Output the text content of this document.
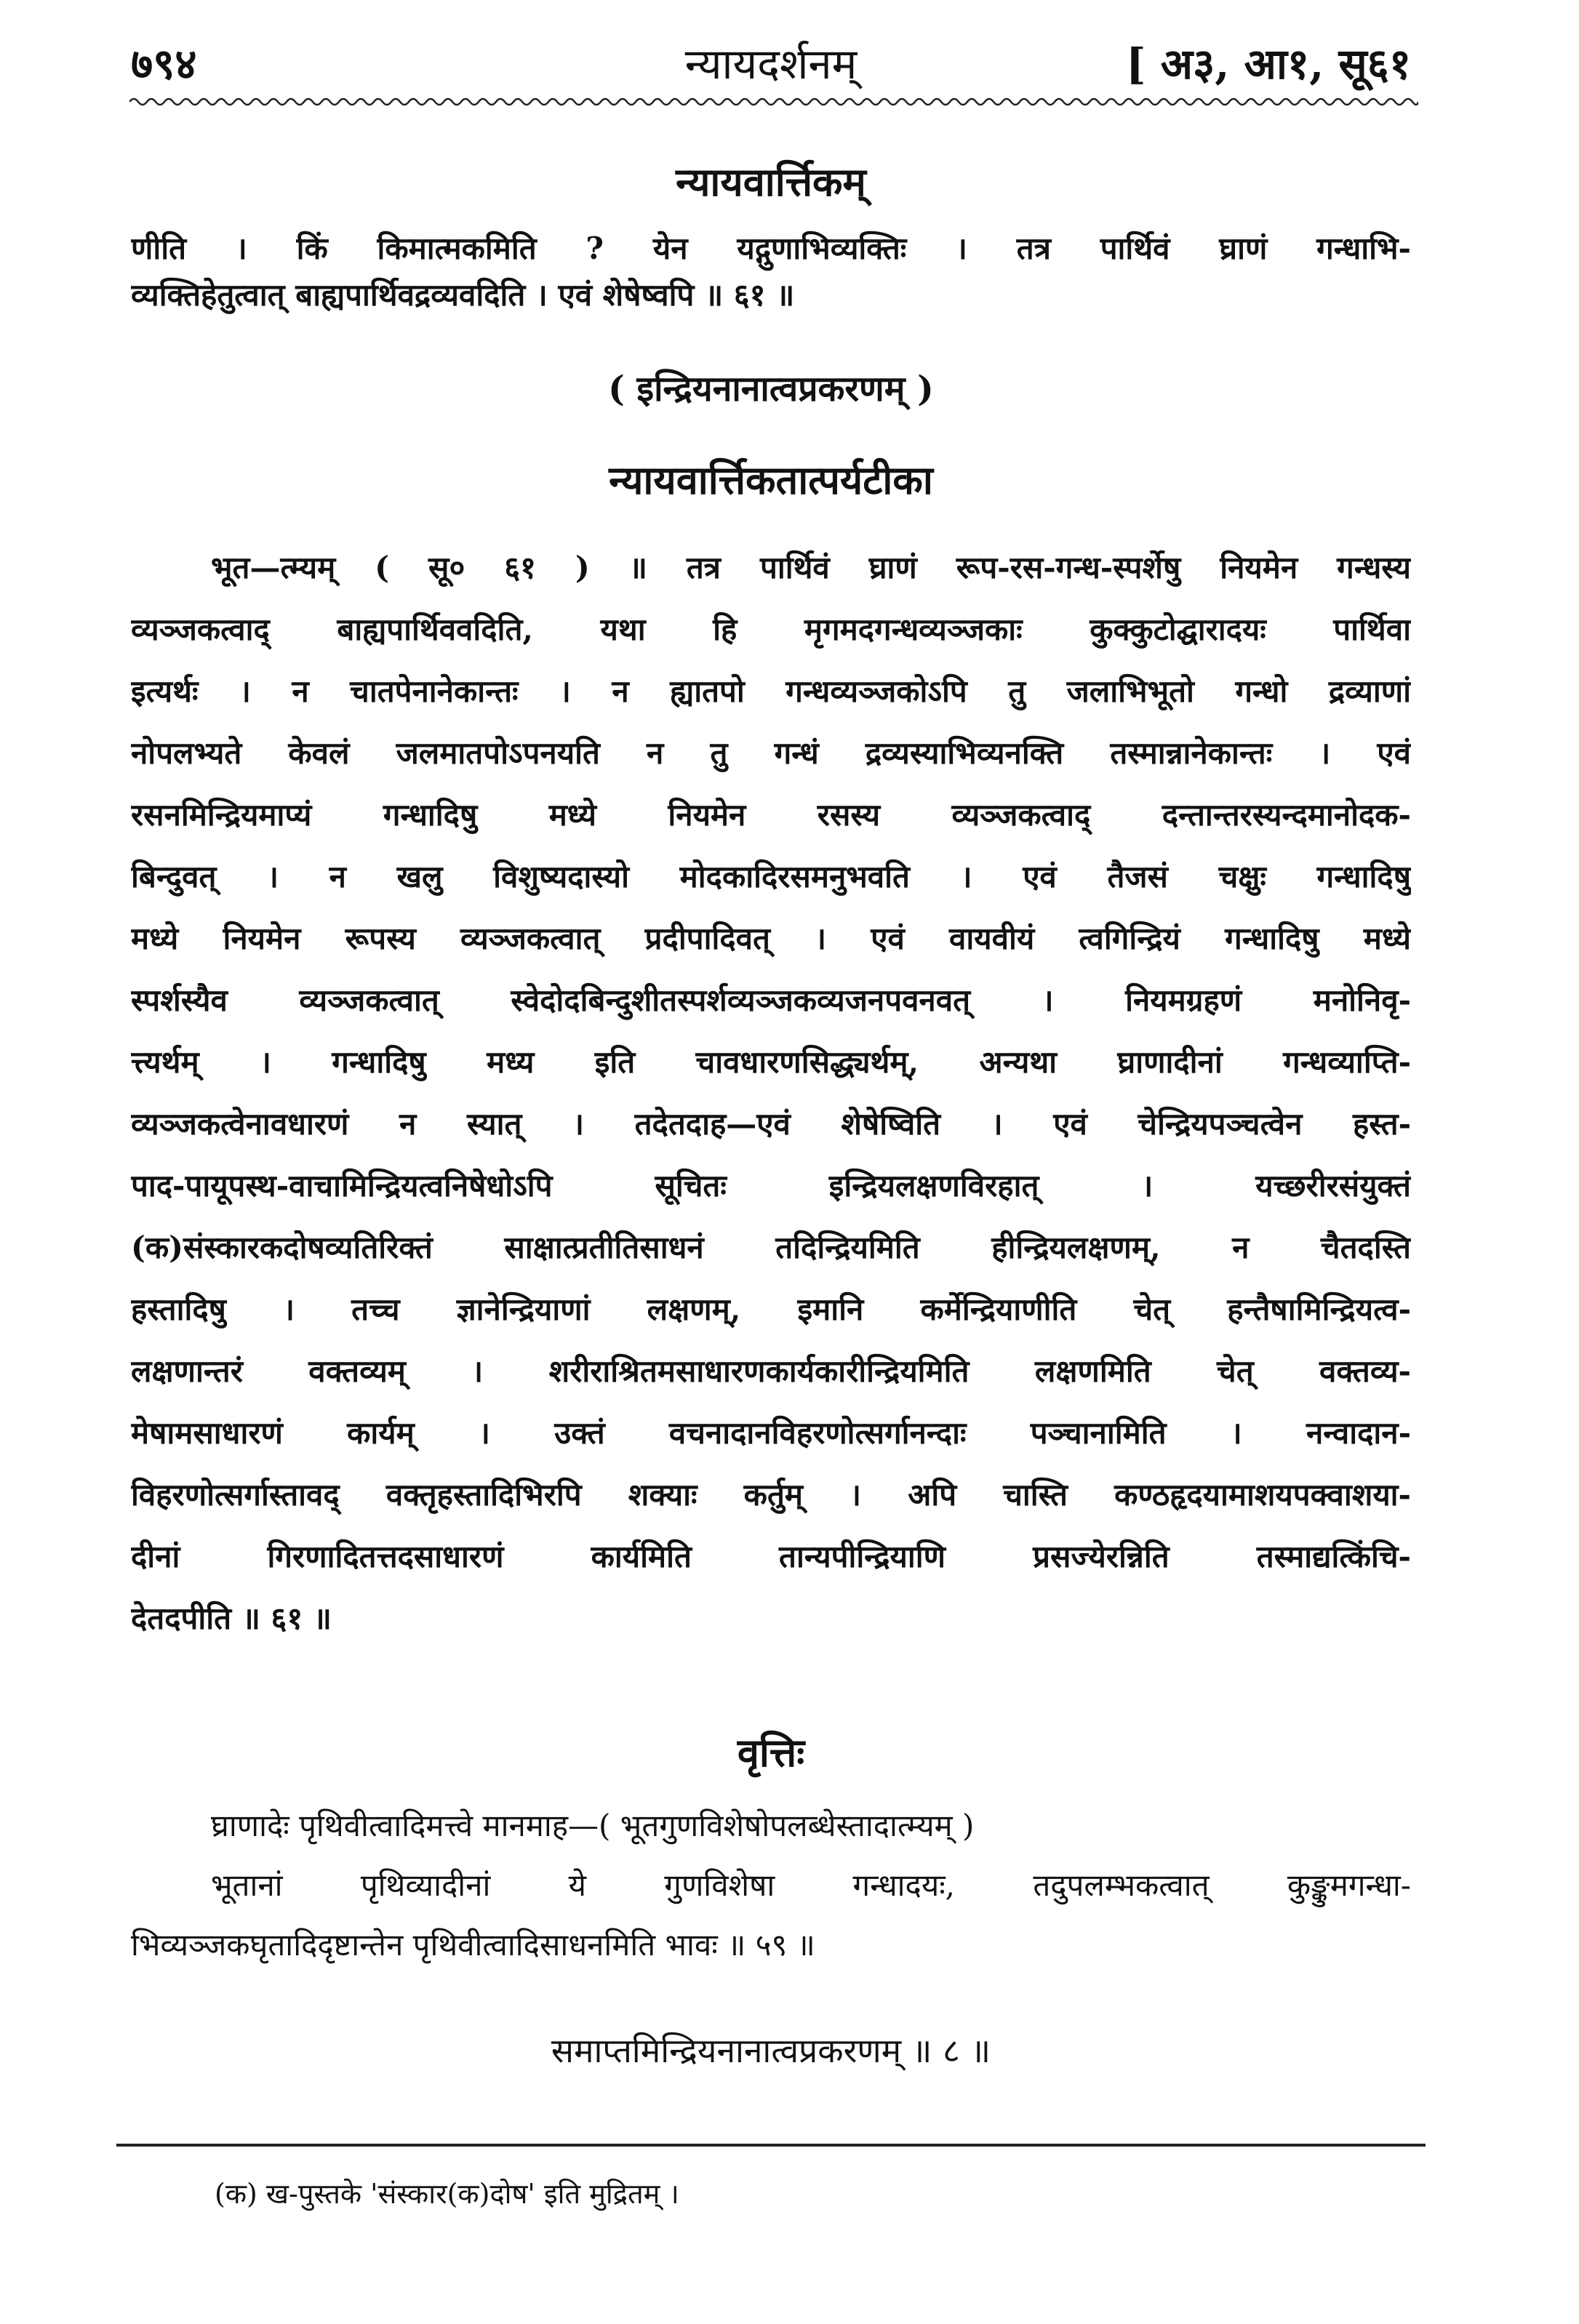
७९४	न्यायदर्शनम्	[ अ३, आ१, सू६१
न्यायवार्त्तिकम्
णीति । किं किमात्मकमिति ? येन यद्गुणाभिव्यक्तिः । तत्र पार्थिवं घ्राणं गन्धाभि-
व्यक्तिहेतुत्वात् बाह्यपार्थिवद्रव्यवदिति । एवं शेषेष्वपि ॥ ६१ ॥
( इन्द्रियनानात्वप्रकरणम् )
न्यायवार्त्तिकतात्पर्यटीका
भूत—त्म्यम् ( सू० ६१ ) ॥ तत्र पार्थिवं घ्राणं रूप-रस-गन्ध-स्पर्शेषु नियमेन गन्धस्य
व्यञ्जकत्वाद् बाह्यपार्थिववदिति, यथा हि मृगमदगन्धव्यञ्जकाः कुक्कुटोद्घारादयः पार्थिवा
इत्यर्थः । न चातपेनानेकान्तः । न ह्यातपो गन्धव्यञ्जकोऽपि तु जलाभिभूतो गन्धो द्रव्याणां
नोपलभ्यते केवलं जलमातपोऽपनयति न तु गन्धं द्रव्यस्याभिव्यनक्ति तस्मान्नानेकान्तः । एवं
रसनमिन्द्रियमाप्यं गन्धादिषु मध्ये नियमेन रसस्य व्यञ्जकत्वाद् दन्तान्तरस्यन्दमानोदक-
बिन्दुवत् । न खलु विशुष्यदास्यो मोदकादिरसमनुभवति । एवं तैजसं चक्षुः गन्धादिषु
मध्ये नियमेन रूपस्य व्यञ्जकत्वात् प्रदीपादिवत् । एवं वायवीयं त्वगिन्द्रियं गन्धादिषु मध्ये
स्पर्शस्यैव व्यञ्जकत्वात् स्वेदोदबिन्दुशीतस्पर्शव्यञ्जकव्यजनपवनवत् । नियमग्रहणं मनोनिवृ-
त्त्यर्थम् । गन्धादिषु मध्य इति चावधारणसिद्ध्यर्थम्, अन्यथा घ्राणादीनां गन्धव्याप्ति-
व्यञ्जकत्वेनावधारणं न स्यात् । तदेतदाह—एवं शेषेष्विति । एवं चेन्द्रियपञ्चत्वेन हस्त-
पाद-पायूपस्थ-वाचामिन्द्रियत्वनिषेधोऽपि सूचितः इन्द्रियलक्षणविरहात् । यच्छरीरसंयुक्तं
(क)संस्कारकदोषव्यतिरिक्तं साक्षात्प्रतीतिसाधनं तदिन्द्रियमिति हीन्द्रियलक्षणम्, न चैतदस्ति
हस्तादिषु । तच्च ज्ञानेन्द्रियाणां लक्षणम्, इमानि कर्मेन्द्रियाणीति चेत् हन्तैषामिन्द्रियत्व-
लक्षणान्तरं वक्तव्यम् । शरीराश्रितमसाधारणकार्यकारीन्द्रियमिति लक्षणमिति चेत् वक्तव्य-
मेषामसाधारणं कार्यम् । उक्तं वचनादानविहरणोत्सर्गानन्दाः पञ्चानामिति । नन्वादान-
विहरणोत्सर्गास्तावद् वक्तृहस्तादिभिरपि शक्याः कर्तुम् । अपि चास्ति कण्ठहृदयामाशयपक्वाशया-
दीनां गिरणादितत्तदसाधारणं कार्यमिति तान्यपीन्द्रियाणि प्रसज्येरन्निति तस्माद्यत्किंचि-
देतदपीति ॥ ६१ ॥
वृत्तिः
घ्राणादेः पृथिवीत्वादिमत्त्वे मानमाह—( भूतगुणविशेषोपलब्धेस्तादात्म्यम् )
भूतानां पृथिव्यादीनां ये गुणविशेषा गन्धादयः, तदुपलम्भकत्वात् कुङ्कुमगन्धा-
भिव्यञ्जकघृतादिदृष्टान्तेन पृथिवीत्वादिसाधनमिति भावः ॥ ५९ ॥
समाप्तमिन्द्रियनानात्वप्रकरणम् ॥ ८ ॥
(क) ख-पुस्तके 'संस्कार(क)दोष' इति मुद्रितम् ।
